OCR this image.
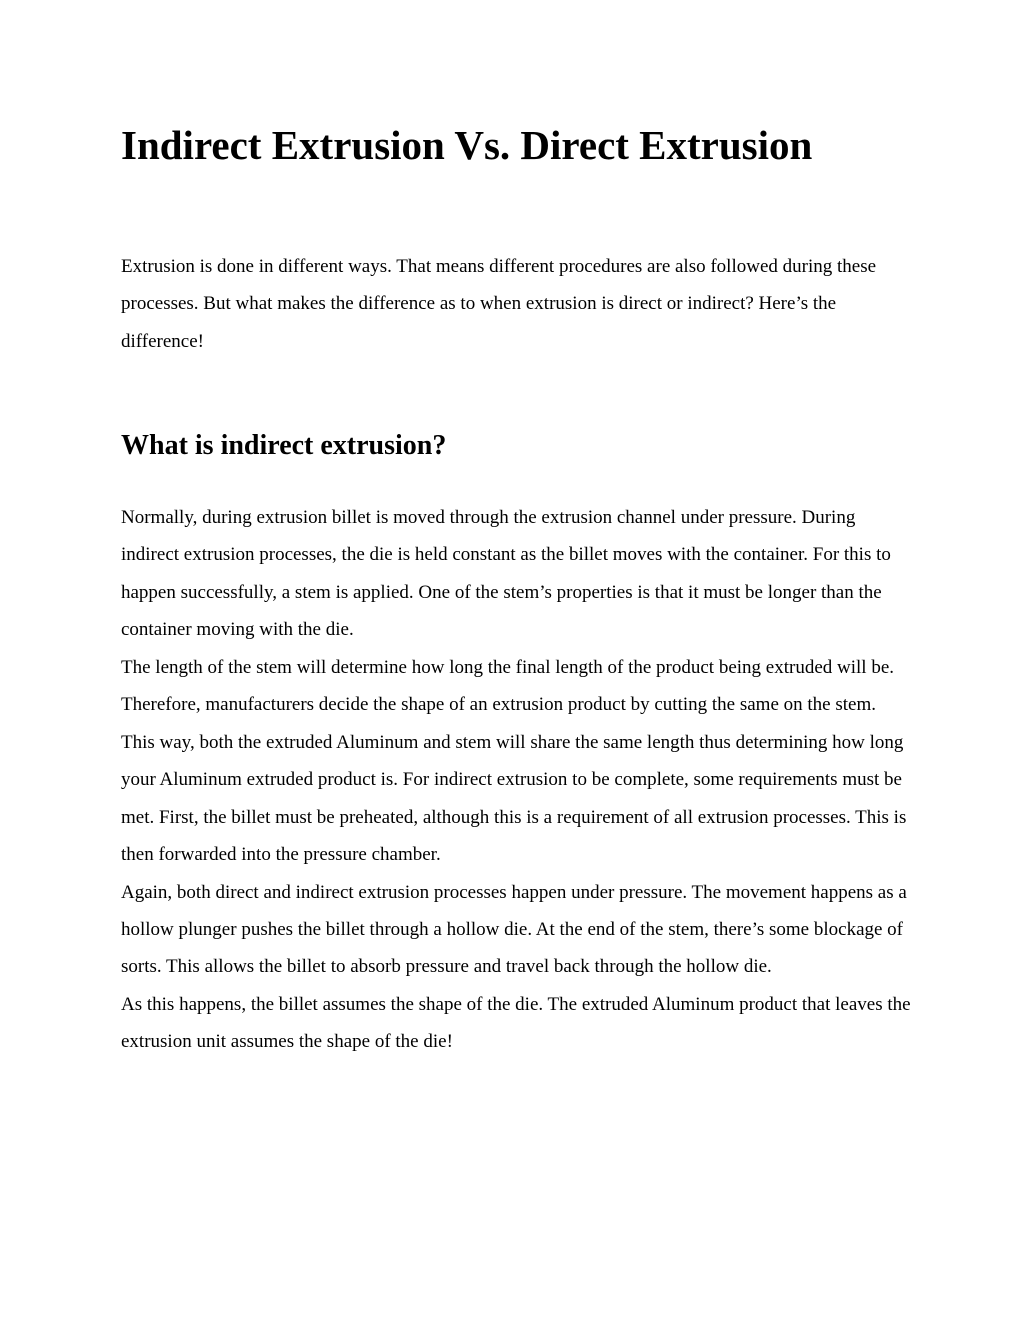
Indirect Extrusion Vs. Direct Extrusion

Extrusion is done in different ways. That means different procedures are also followed during these processes. But what makes the difference as to when extrusion is direct or indirect? Here’s the difference!

What is indirect extrusion?

Normally, during extrusion billet is moved through the extrusion channel under pressure. During indirect extrusion processes, the die is held constant as the billet moves with the container. For this to happen successfully, a stem is applied. One of the stem’s properties is that it must be longer than the container moving with the die.

The length of the stem will determine how long the final length of the product being extruded will be. Therefore, manufacturers decide the shape of an extrusion product by cutting the same on the stem. This way, both the extruded Aluminum and stem will share the same length thus determining how long your Aluminum extruded product is. For indirect extrusion to be complete, some requirements must be met. First, the billet must be preheated, although this is a requirement of all extrusion processes. This is then forwarded into the pressure chamber.

Again, both direct and indirect extrusion processes happen under pressure. The movement happens as a hollow plunger pushes the billet through a hollow die. At the end of the stem, there’s some blockage of sorts. This allows the billet to absorb pressure and travel back through the hollow die.

As this happens, the billet assumes the shape of the die. The extruded Aluminum product that leaves the extrusion unit assumes the shape of the die!
